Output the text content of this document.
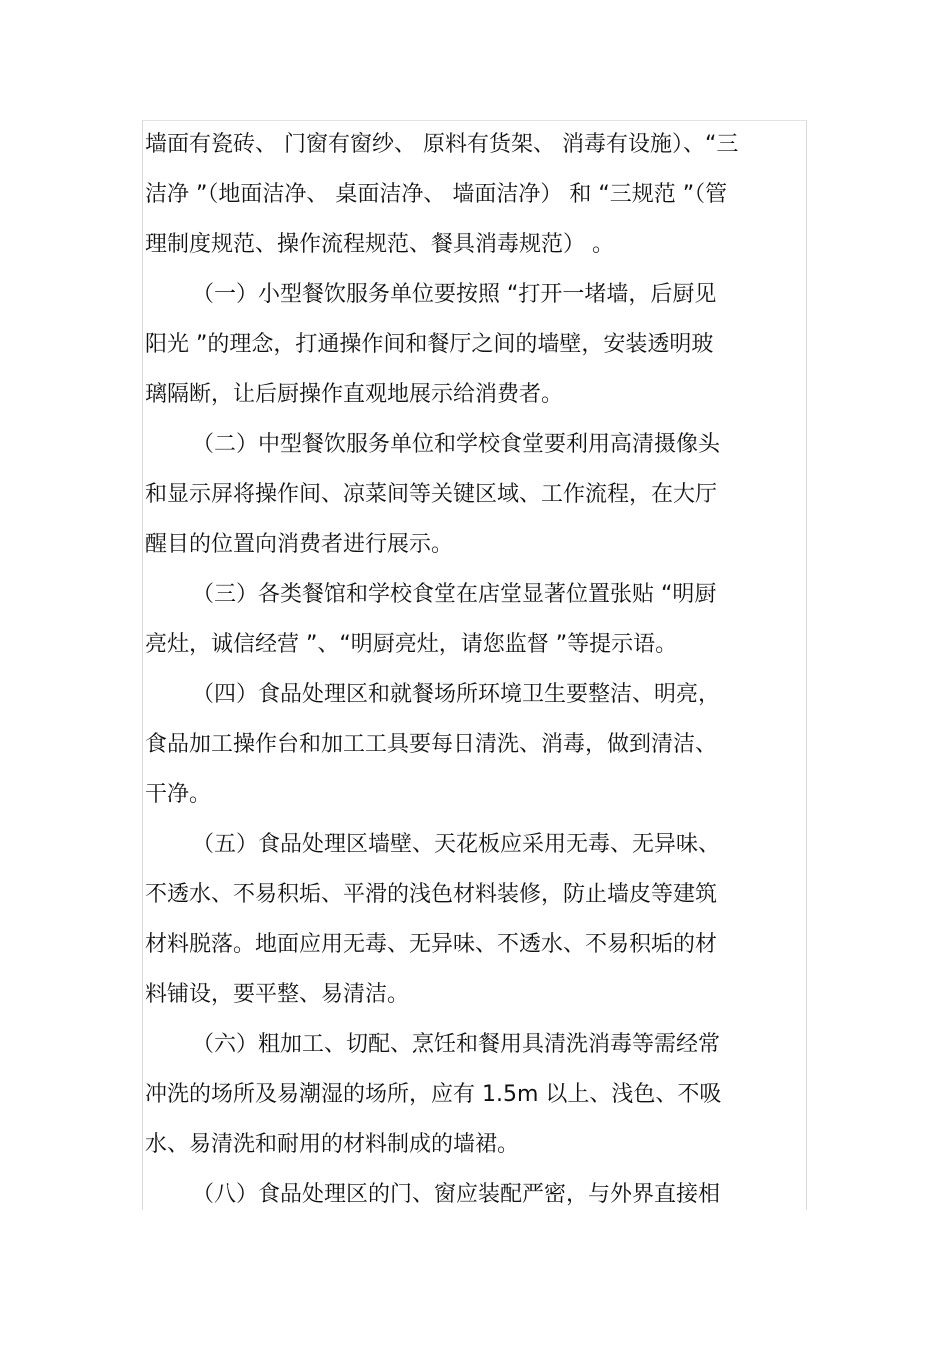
墙面有瓷砖、 门窗有窗纱、 原料有货架、 消毒有设施）、“三
洁净 ”（地面洁净、 桌面洁净、 墙面洁净） 和 “三规范 ”（管
理制度规范、操作流程规范、餐具消毒规范） 。
（一）小型餐饮服务单位要按照 “打开一堵墙，后厨见
阳光 ”的理念，打通操作间和餐厅之间的墙壁，安装透明玻
璃隔断，让后厨操作直观地展示给消费者。
（二）中型餐饮服务单位和学校食堂要利用高清摄像头
和显示屏将操作间、凉菜间等关键区域、工作流程，在大厅
醒目的位置向消费者进行展示。
（三）各类餐馆和学校食堂在店堂显著位置张贴 “明厨
亮灶，诚信经营 ”、“明厨亮灶，请您监督 ”等提示语。
（四）食品处理区和就餐场所环境卫生要整洁、明亮，
食品加工操作台和加工工具要每日清洗、消毒，做到清洁、
干净。
（五）食品处理区墙壁、天花板应采用无毒、无异味、
不透水、不易积垢、平滑的浅色材料装修，防止墙皮等建筑
材料脱落。地面应用无毒、无异味、不透水、不易积垢的材
料铺设，要平整、易清洁。
（六）粗加工、切配、烹饪和餐用具清洗消毒等需经常
冲洗的场所及易潮湿的场所，应有 1.5m 以上、浅色、不吸
水、易清洗和耐用的材料制成的墙裙。
（八）食品处理区的门、窗应装配严密，与外界直接相
